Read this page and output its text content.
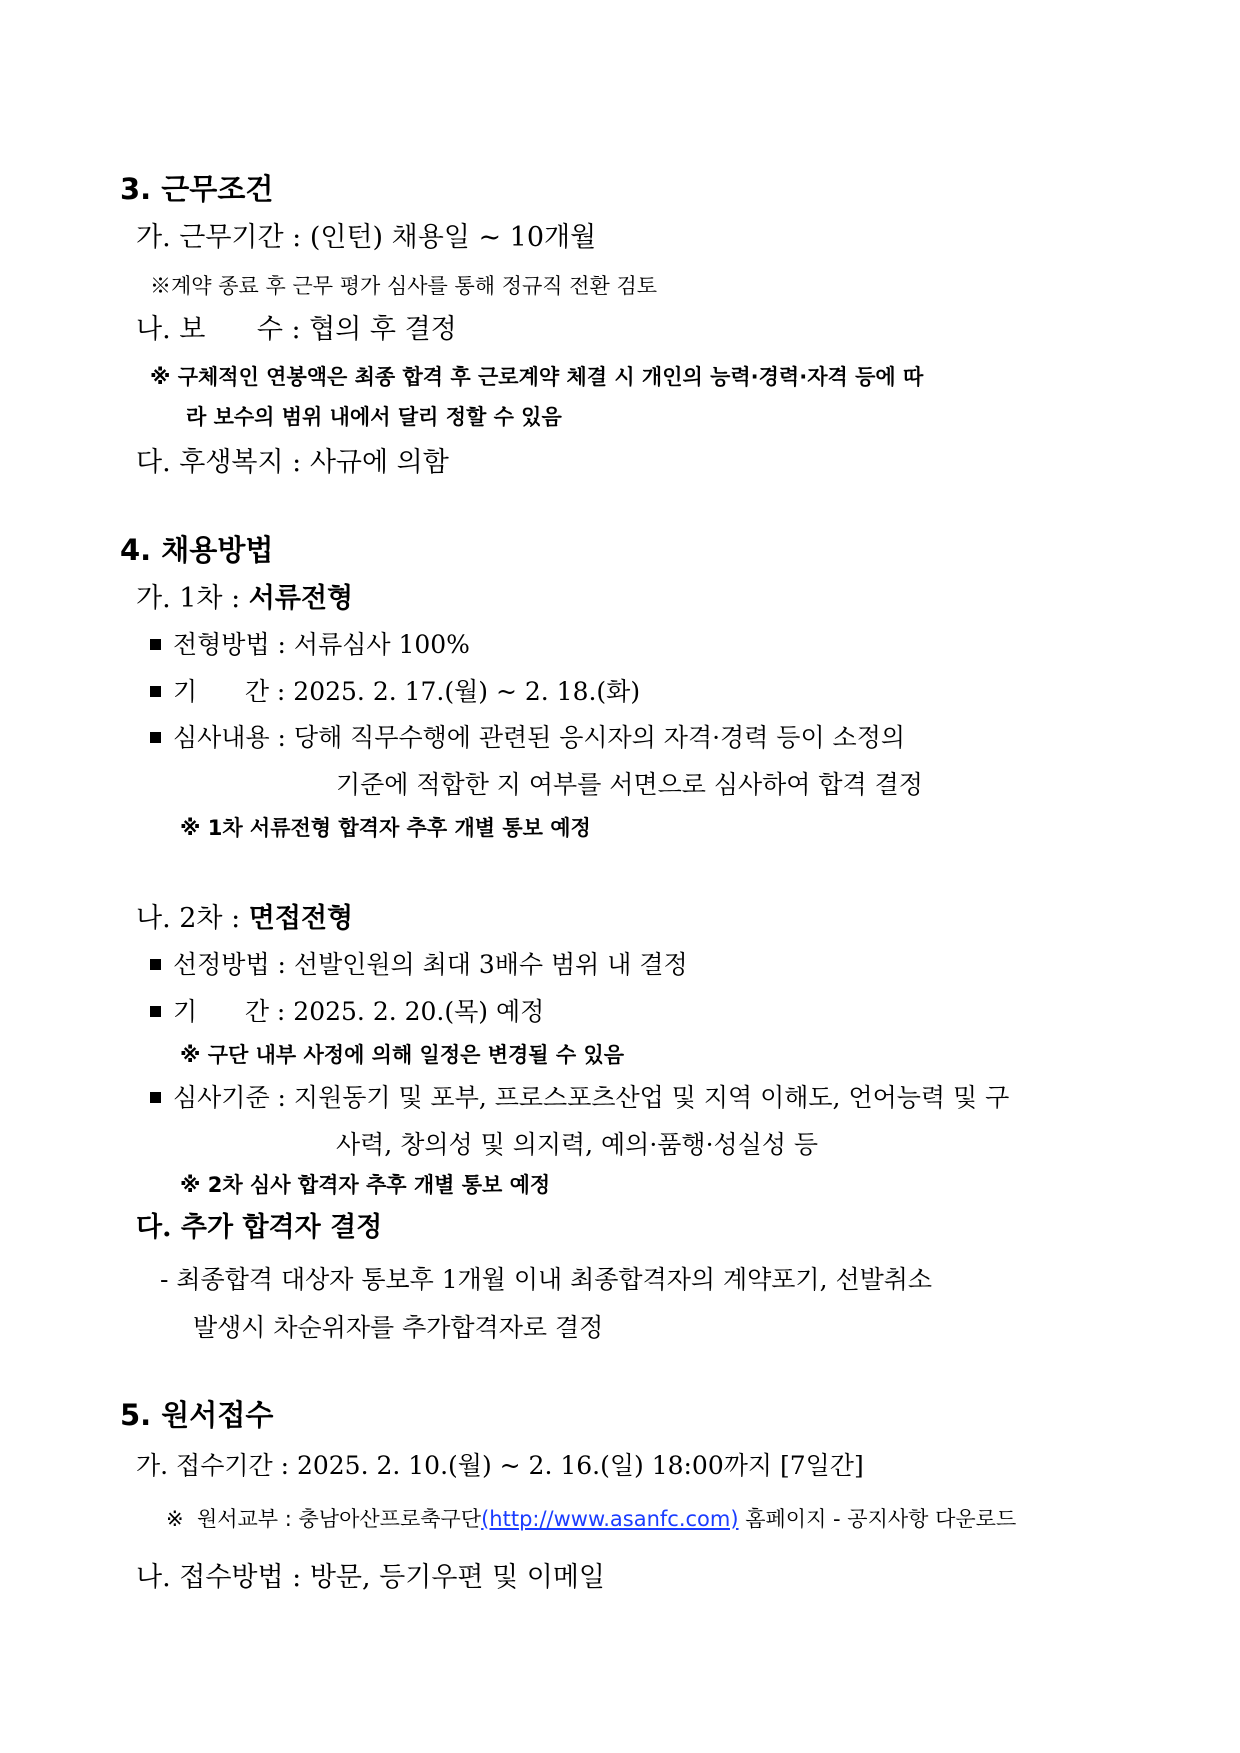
3. 근무조건
가. 근무기간 : (인턴) 채용일 ~ 10개월
※계약 종료 후 근무 평가 심사를 통해 정규직 전환 검토
나. 보      수 : 협의 후 결정
※ 구체적인 연봉액은 최종 합격 후 근로계약 체결 시 개인의 능력·경력·자격 등에 따
라 보수의 범위 내에서 달리 정할 수 있음
다. 후생복지 : 사규에 의함
4. 채용방법
가. 1차 : 서류전형
전형방법 : 서류심사 100%
기      간 : 2025. 2. 17.(월) ~ 2. 18.(화)
심사내용 : 당해 직무수행에 관련된 응시자의 자격·경력 등이 소정의
기준에 적합한 지 여부를 서면으로 심사하여 합격 결정
※ 1차 서류전형 합격자 추후 개별 통보 예정
나. 2차 : 면접전형
선정방법 : 선발인원의 최대 3배수 범위 내 결정
기      간 : 2025. 2. 20.(목) 예정
※ 구단 내부 사정에 의해 일정은 변경될 수 있음
심사기준 : 지원동기 및 포부, 프로스포츠산업 및 지역 이해도, 언어능력 및 구
사력, 창의성 및 의지력, 예의·품행·성실성 등
※ 2차 심사 합격자 추후 개별 통보 예정
다. 추가 합격자 결정
- 최종합격 대상자 통보후 1개월 이내 최종합격자의 계약포기, 선발취소
발생시 차순위자를 추가합격자로 결정
5. 원서접수
가. 접수기간 : 2025. 2. 10.(월) ~ 2. 16.(일) 18:00까지 [7일간]
※  원서교부 : 충남아산프로축구단(http://www.asanfc.com) 홈페이지 - 공지사항 다운로드
나. 접수방법 : 방문, 등기우편 및 이메일
